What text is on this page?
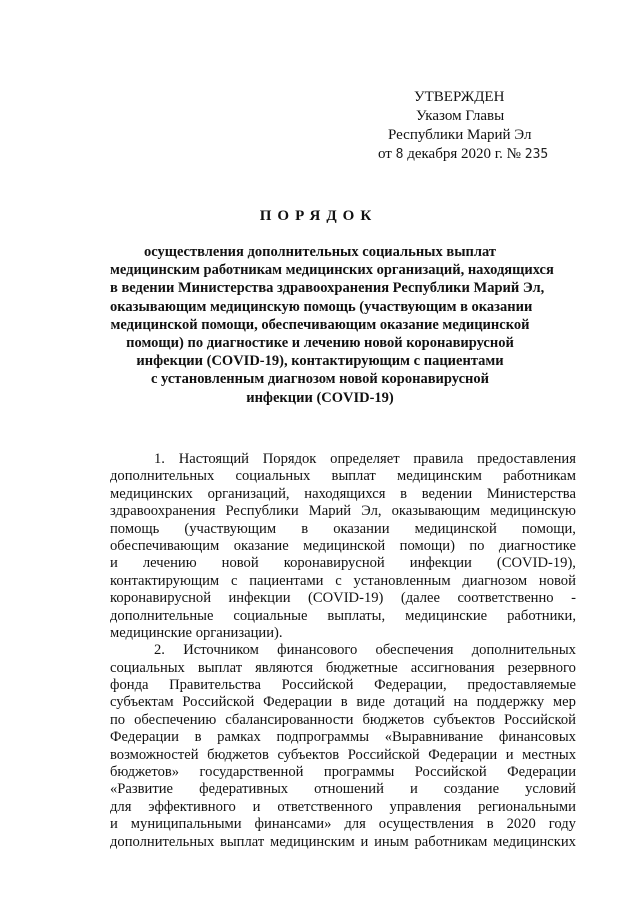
УТВЕРЖДЕН
Указом Главы
Республики Марий Эл
от 8 декабря 2020 г. № 235
ПОРЯДОК
осуществления дополнительных социальных выплат
медицинским работникам медицинских организаций, находящихся
в ведении Министерства здравоохранения Республики Марий Эл,
оказывающим медицинскую помощь (участвующим в оказании
медицинской помощи, обеспечивающим оказание медицинской
помощи) по диагностике и лечению новой коронавирусной
инфекции (COVID-19), контактирующим с пациентами
с установленным диагнозом новой коронавирусной
инфекции (COVID-19)
1. Настоящий Порядок определяет правила предоставления
дополнительных социальных выплат медицинским работникам
медицинских организаций, находящихся в ведении Министерства
здравоохранения Республики Марий Эл, оказывающим медицинскую
помощь (участвующим в оказании медицинской помощи,
обеспечивающим оказание медицинской помощи) по диагностике
и лечению новой коронавирусной инфекции (COVID-19),
контактирующим с пациентами с установленным диагнозом новой
коронавирусной инфекции (COVID-19) (далее соответственно -
дополнительные социальные выплаты, медицинские работники,
медицинские организации).
2. Источником финансового обеспечения дополнительных
социальных выплат являются бюджетные ассигнования резервного
фонда Правительства Российской Федерации, предоставляемые
субъектам Российской Федерации в виде дотаций на поддержку мер
по обеспечению сбалансированности бюджетов субъектов Российской
Федерации в рамках подпрограммы «Выравнивание финансовых
возможностей бюджетов субъектов Российской Федерации и местных
бюджетов» государственной программы Российской Федерации
«Развитие федеративных отношений и создание условий
для эффективного и ответственного управления региональными
и муниципальными финансами» для осуществления в 2020 году
дополнительных выплат медицинским и иным работникам медицинских
